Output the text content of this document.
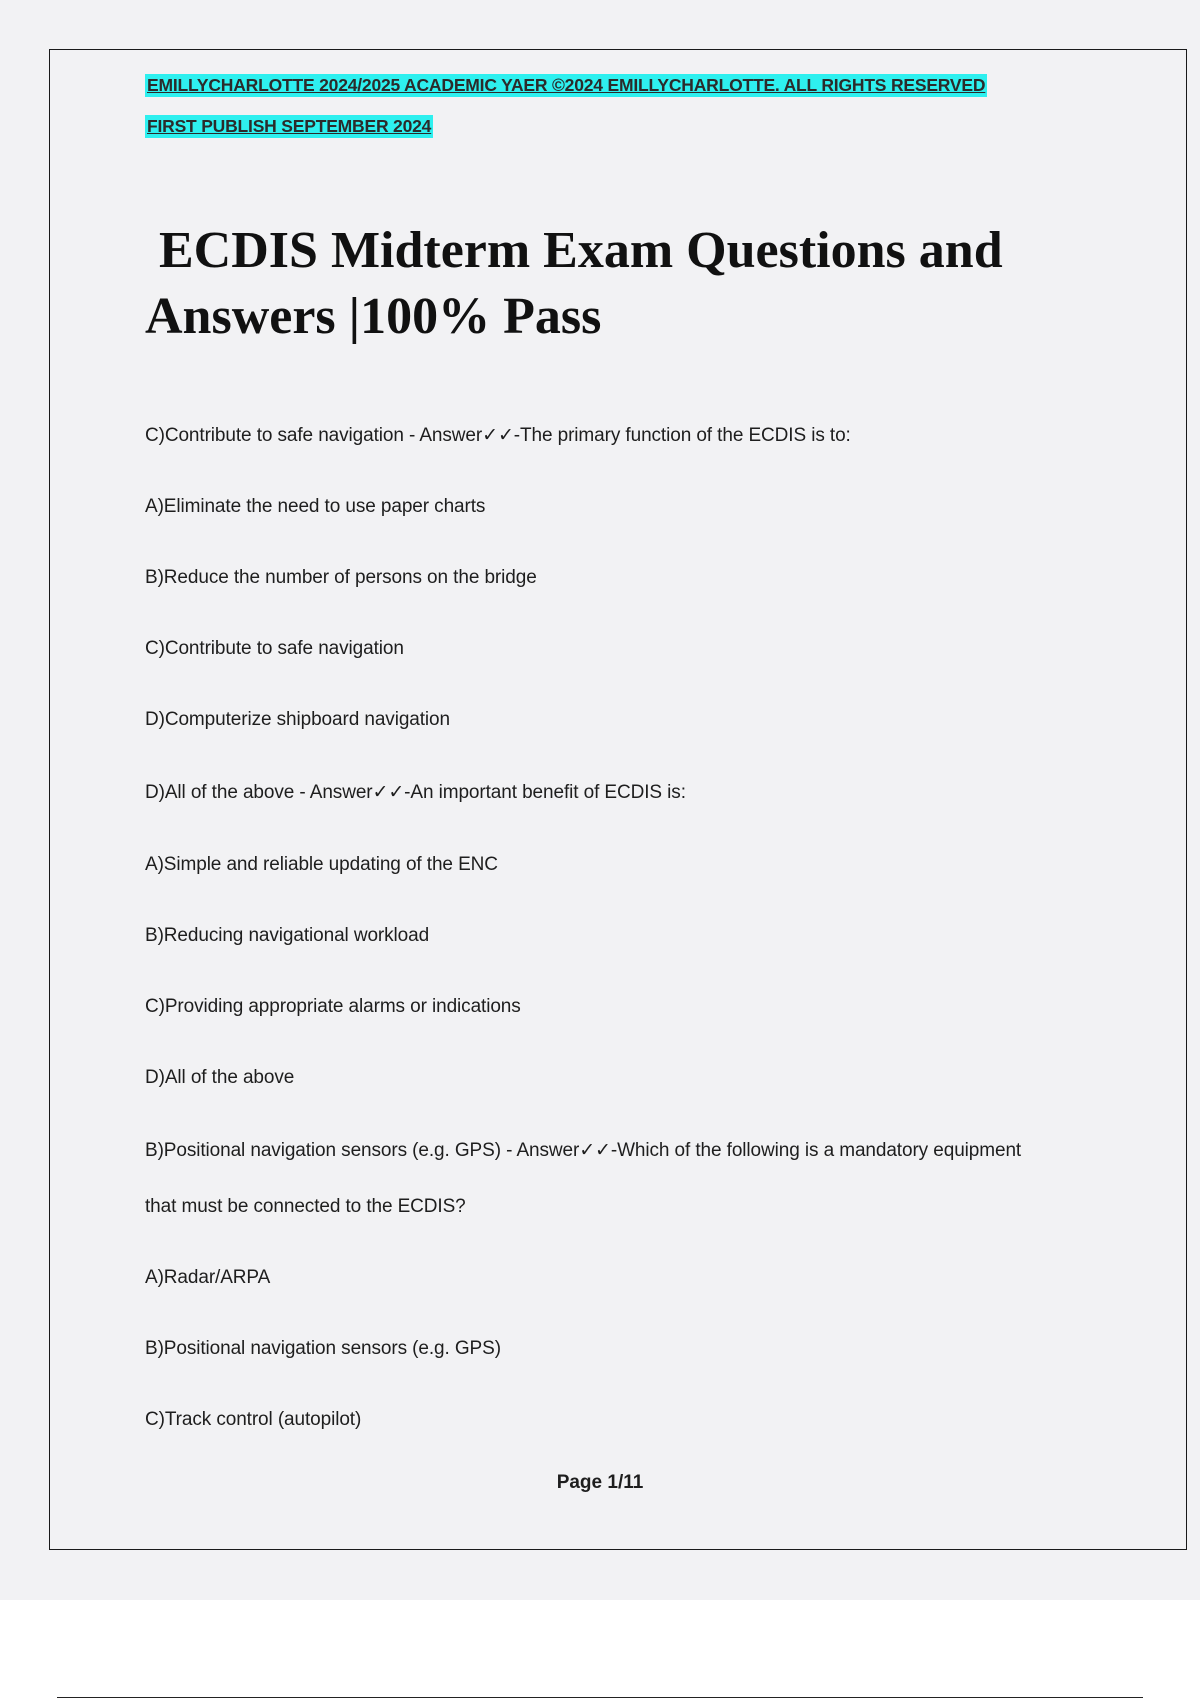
EMILLYCHARLOTTE 2024/2025 ACADEMIC YAER ©2024 EMILLYCHARLOTTE. ALL RIGHTS RESERVED
FIRST PUBLISH SEPTEMBER 2024
ECDIS Midterm Exam Questions and
Answers |100% Pass
C)Contribute to safe navigation - Answer✓✓-The primary function of the ECDIS is to:
A)Eliminate the need to use paper charts
B)Reduce the number of persons on the bridge
C)Contribute to safe navigation
D)Computerize shipboard navigation
D)All of the above - Answer✓✓-An important benefit of ECDIS is:
A)Simple and reliable updating of the ENC
B)Reducing navigational workload
C)Providing appropriate alarms or indications
D)All of the above
B)Positional navigation sensors (e.g. GPS) - Answer✓✓-Which of the following is a mandatory equipment
that must be connected to the ECDIS?
A)Radar/ARPA
B)Positional navigation sensors (e.g. GPS)
C)Track control (autopilot)
Page 1/11
